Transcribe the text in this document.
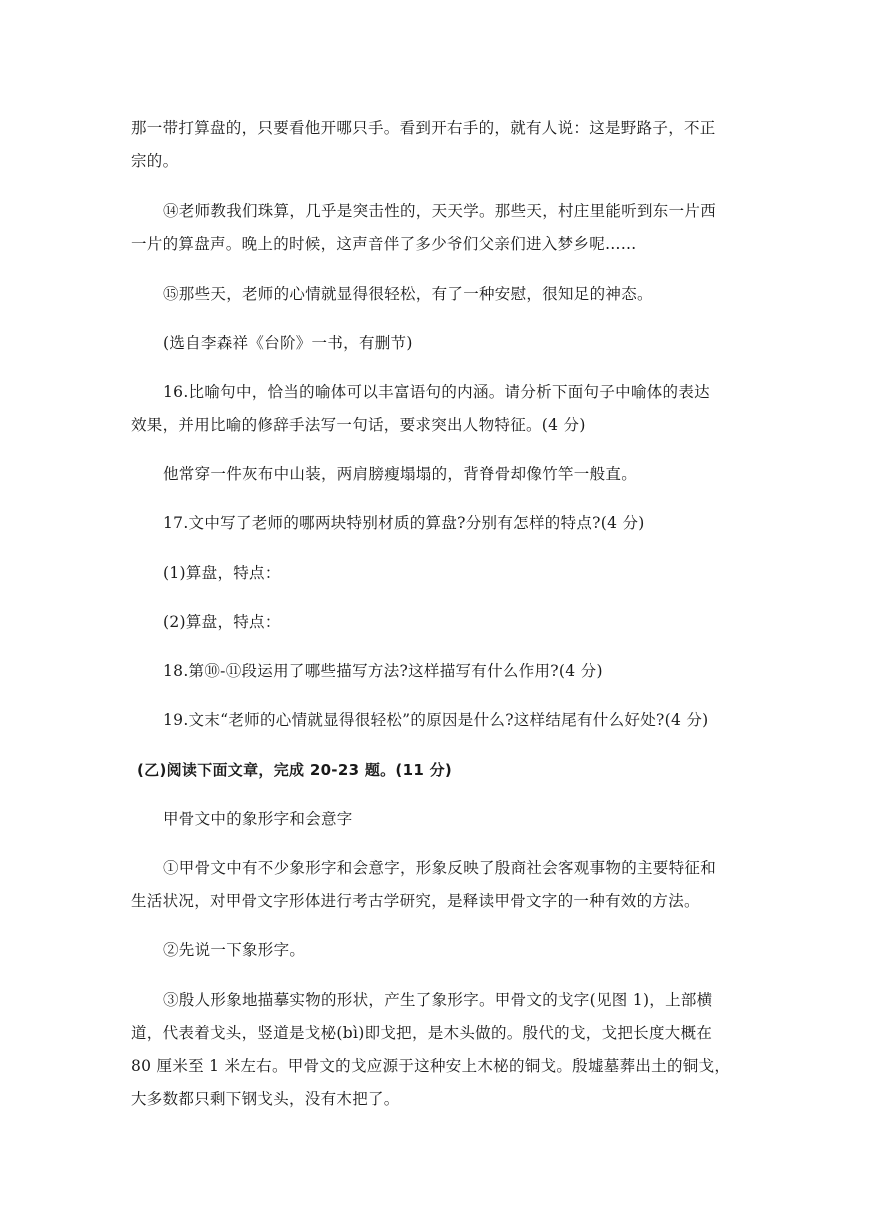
那一带打算盘的，只要看他开哪只手。看到开右手的，就有人说：这是野路子，不正
宗的。
⑭老师教我们珠算，几乎是突击性的，天天学。那些天，村庄里能听到东一片西
一片的算盘声。晚上的时候，这声音伴了多少爷们父亲们进入梦乡呢……
⑮那些天，老师的心情就显得很轻松，有了一种安慰，很知足的神态。
(选自李森祥《台阶》一书，有删节)
16.比喻句中，恰当的喻体可以丰富语句的内涵。请分析下面句子中喻体的表达
效果，并用比喻的修辞手法写一句话，要求突出人物特征。(4 分)
他常穿一件灰布中山装，两肩膀瘦塌塌的，背脊骨却像竹竿一般直。
17.文中写了老师的哪两块特别材质的算盘?分别有怎样的特点?(4 分)
(1)算盘，特点：
(2)算盘，特点：
18.第⑩-⑪段运用了哪些描写方法?这样描写有什么作用?(4 分)
19.文末“老师的心情就显得很轻松”的原因是什么?这样结尾有什么好处?(4 分)
(乙)阅读下面文章，完成 20-23 题。(11 分)
甲骨文中的象形字和会意字
①甲骨文中有不少象形字和会意字，形象反映了殷商社会客观事物的主要特征和
生活状况，对甲骨文字形体进行考古学研究，是释读甲骨文字的一种有效的方法。
②先说一下象形字。
③殷人形象地描摹实物的形状，产生了象形字。甲骨文的戈字(见图 1)，上部横
道，代表着戈头，竖道是戈柲(bì)即戈把，是木头做的。殷代的戈，戈把长度大概在
80 厘米至 1 米左右。甲骨文的戈应源于这种安上木柲的铜戈。殷墟墓葬出土的铜戈，
大多数都只剩下钢戈头，没有木把了。
